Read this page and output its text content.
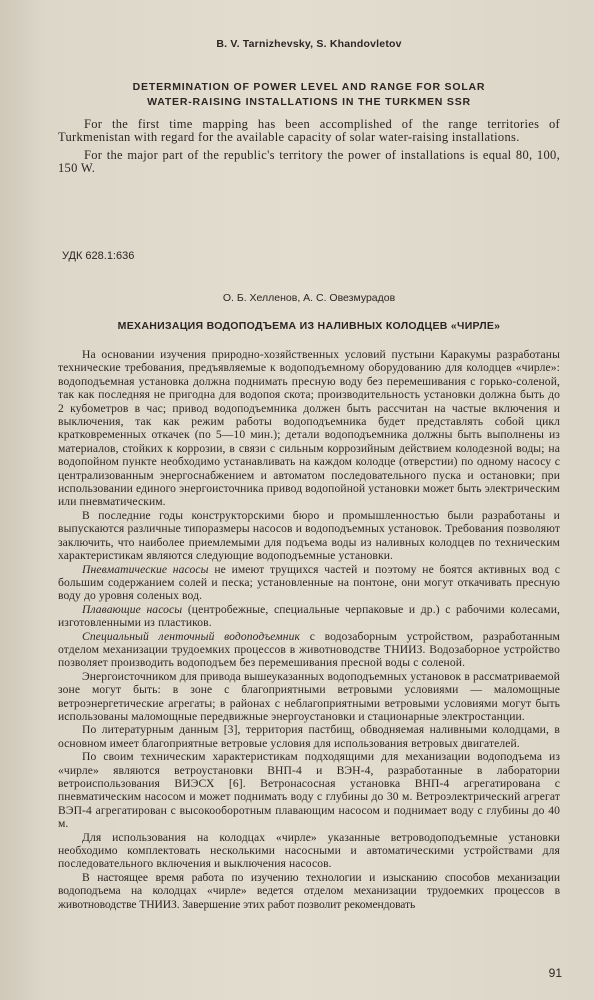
B. V. Tarnizhevsky, S. Khandovletov
DETERMINATION OF POWER LEVEL AND RANGE FOR SOLAR
WATER-RAISING INSTALLATIONS IN THE TURKMEN SSR

For the first time mapping has been accomplished of the range territories of Turkmenistan with regard for the available capacity of solar water-raising installations.

For the major part of the republic's territory the power of installations is equal 80, 100, 150 W.

УДК 628.1:636
О. Б. Хелленов, А. С. Овезмурадов
МЕХАНИЗАЦИЯ ВОДОПОДЪЕМА ИЗ НАЛИВНЫХ КОЛОДЦЕВ «ЧИРЛЕ»

На основании изучения природно-хозяйственных условий пустыни Каракумы разработаны технические требования, предъявляемые к водоподъемному оборудованию для колодцев «чирле»: водоподъемная установка должна поднимать пресную воду без перемешивания с горько-соленой, так как последняя не пригодна для водопоя скота; производительность установки должна быть до 2 кубометров в час; привод водоподъемника должен быть рассчитан на частые включения и выключения, так как режим работы водоподъемника будет представлять собой цикл кратковременных откачек (по 5—10 мин.); детали водоподъемника должны быть выполнены из материалов, стойких к коррозии, в связи с сильным коррозийным действием колодезной воды; на водопойном пункте необходимо устанавливать на каждом колодце (отверстии) по одному насосу с централизованным энергоснабжением и автоматом последовательного пуска и остановки; при использовании единого энергоисточника привод водопойной установки может быть электрическим или пневматическим.

В последние годы конструкторскими бюро и промышленностью были разработаны и выпускаются различные типоразмеры насосов и водоподъемных установок. Требования позволяют заключить, что наиболее приемлемыми для подъема воды из наливных колодцев по техническим характеристикам являются следующие водоподъемные установки.

Пневматические насосы не имеют трущихся частей и поэтому не боятся активных вод с большим содержанием солей и песка; установленные на понтоне, они могут откачивать пресную воду до уровня соленых вод.

Плавающие насосы (центробежные, специальные черпаковые и др.) с рабочими колесами, изготовленными из пластиков.

Специальный ленточный водоподъемник с водозаборным устройством, разработанным отделом механизации трудоемких процессов в животноводстве ТНИИЗ. Водозаборное устройство позволяет производить водоподъем без перемешивания пресной воды с соленой.

Энергоисточником для привода вышеуказанных водоподъемных установок в рассматриваемой зоне могут быть: в зоне с благоприятными ветровыми условиями — маломощные ветроэнергетические агрегаты; в районах с неблагоприятными ветровыми условиями могут быть использованы маломощные передвижные энергоустановки и стационарные электростанции.

По литературным данным [3], территория пастбищ, обводняемая наливными колодцами, в основном имеет благоприятные ветровые условия для использования ветровых двигателей.

По своим техническим характеристикам подходящими для механизации водоподъема из «чирле» являются ветроустановки ВНП-4 и ВЭН-4, разработанные в лаборатории ветроиспользования ВИЭСХ [6]. Ветронасосная установка ВНП-4 агрегатирована с пневматическим насосом и может поднимать воду с глубины до 30 м. Ветроэлектрический агрегат ВЭП-4 агрегатирован с высокооборотным плавающим насосом и поднимает воду с глубины до 40 м.

Для использования на колодцах «чирле» указанные ветроводоподъемные установки необходимо комплектовать несколькими насосными и автоматическими устройствами для последовательного включения и выключения насосов.

В настоящее время работа по изучению технологии и изысканию способов механизации водоподъема на колодцах «чирле» ведется отделом механизации трудоемких процессов в животноводстве ТНИИЗ. Завершение этих работ позволит рекомендовать

91
